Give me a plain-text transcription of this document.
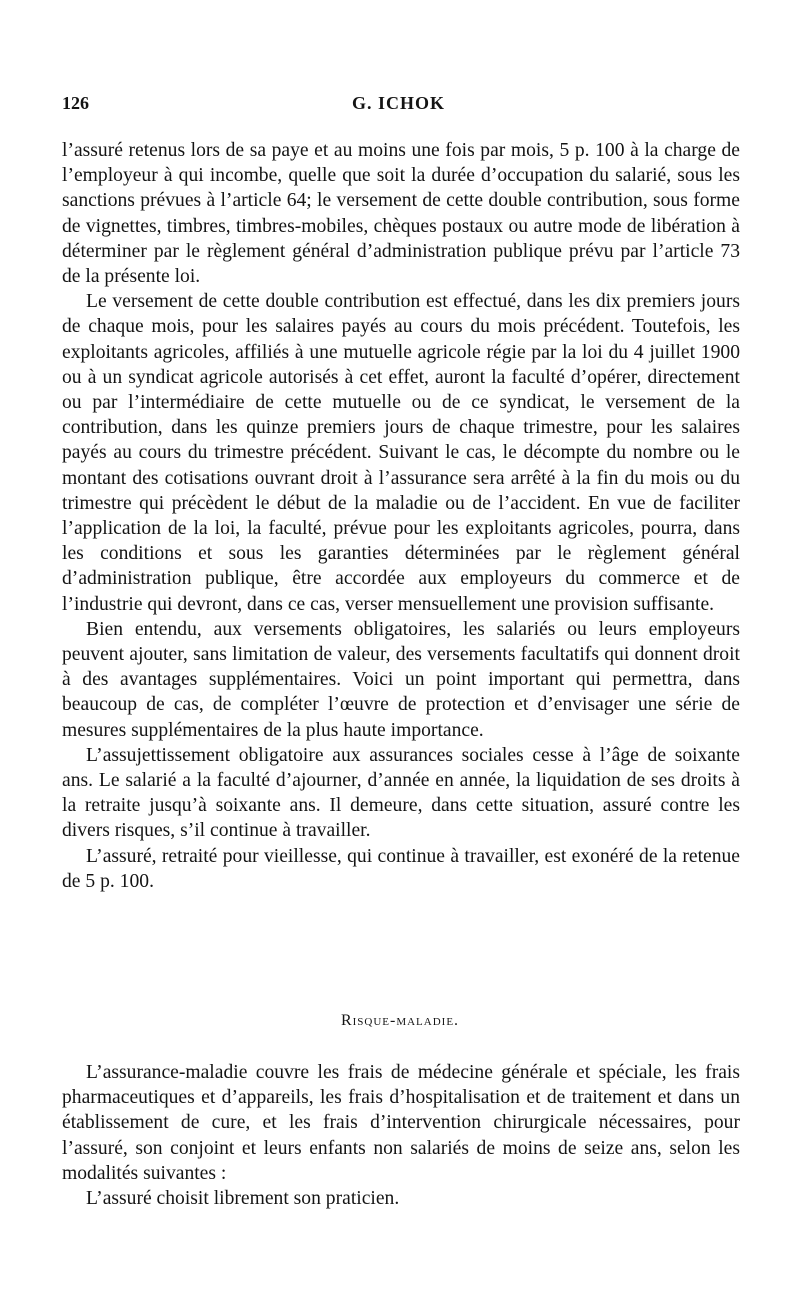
126	G. ICHOK

l’assuré retenus lors de sa paye et au moins une fois par mois, 5 p. 100 à la charge de l’employeur à qui incombe, quelle que soit la durée d’occupation du salarié, sous les sanctions prévues à l’article 64; le versement de cette double contribution, sous forme de vignettes, timbres, timbres-mobiles, chèques postaux ou autre mode de libération à déterminer par le règlement général d’administration publique prévu par l’article 73 de la présente loi.

Le versement de cette double contribution est effectué, dans les dix premiers jours de chaque mois, pour les salaires payés au cours du mois précédent. Toutefois, les exploitants agricoles, affiliés à une mutuelle agricole régie par la loi du 4 juillet 1900 ou à un syndicat agricole autorisés à cet effet, auront la faculté d’opérer, directement ou par l’intermédiaire de cette mutuelle ou de ce syndicat, le versement de la contribution, dans les quinze premiers jours de chaque trimestre, pour les salaires payés au cours du trimestre précédent. Suivant le cas, le décompte du nombre ou le montant des cotisations ouvrant droit à l’assurance sera arrêté à la fin du mois ou du trimestre qui précèdent le début de la maladie ou de l’accident. En vue de faciliter l’application de la loi, la faculté, prévue pour les exploitants agricoles, pourra, dans les conditions et sous les garanties déterminées par le règlement général d’administration publique, être accordée aux employeurs du commerce et de l’industrie qui devront, dans ce cas, verser mensuellement une provision suffisante.

Bien entendu, aux versements obligatoires, les salariés ou leurs employeurs peuvent ajouter, sans limitation de valeur, des versements facultatifs qui donnent droit à des avantages supplémentaires. Voici un point important qui permettra, dans beaucoup de cas, de compléter l’œuvre de protection et d’envisager une série de mesures supplémentaires de la plus haute importance.

L’assujettissement obligatoire aux assurances sociales cesse à l’âge de soixante ans. Le salarié a la faculté d’ajourner, d’année en année, la liquidation de ses droits à la retraite jusqu’à soixante ans. Il demeure, dans cette situation, assuré contre les divers risques, s’il continue à travailler.

L’assuré, retraité pour vieillesse, qui continue à travailler, est exonéré de la retenue de 5 p. 100.

Risque-maladie.

L’assurance-maladie couvre les frais de médecine générale et spéciale, les frais pharmaceutiques et d’appareils, les frais d’hospitalisation et de traitement et dans un établissement de cure, et les frais d’intervention chirurgicale nécessaires, pour l’assuré, son conjoint et leurs enfants non salariés de moins de seize ans, selon les modalités suivantes :

L’assuré choisit librement son praticien.
